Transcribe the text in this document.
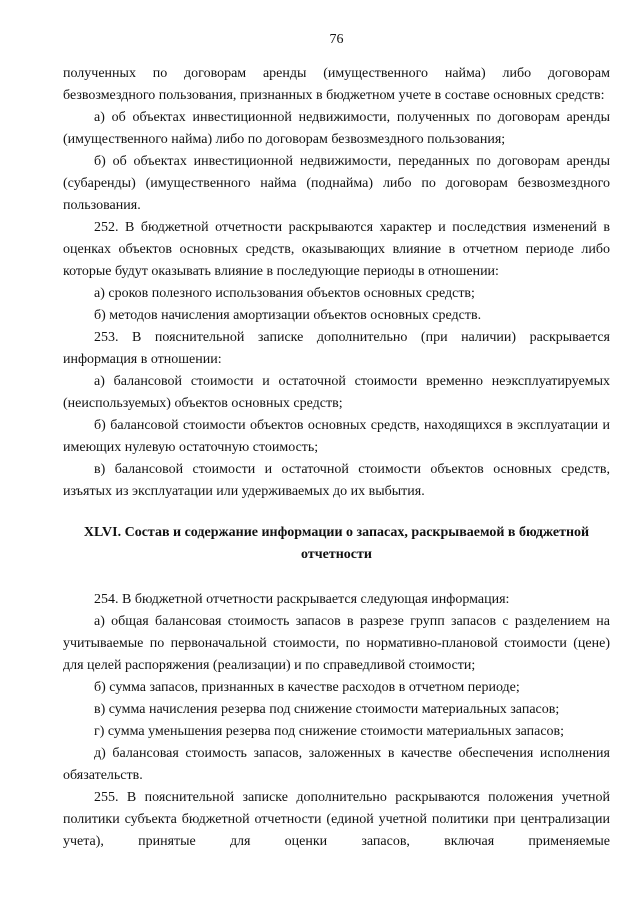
76

полученных по договорам аренды (имущественного найма) либо договорам безвозмездного пользования, признанных в бюджетном учете в составе основных средств:

а) об объектах инвестиционной недвижимости, полученных по договорам аренды (имущественного найма) либо по договорам безвозмездного пользования;

б) об объектах инвестиционной недвижимости, переданных по договорам аренды (субаренды) (имущественного найма (поднайма) либо по договорам безвозмездного пользования.

252. В бюджетной отчетности раскрываются характер и последствия изменений в оценках объектов основных средств, оказывающих влияние в отчетном периоде либо которые будут оказывать влияние в последующие периоды в отношении:

а) сроков полезного использования объектов основных средств;

б) методов начисления амортизации объектов основных средств.

253. В пояснительной записке дополнительно (при наличии) раскрывается информация в отношении:

а) балансовой стоимости и остаточной стоимости временно неэксплуатируемых (неиспользуемых) объектов основных средств;

б) балансовой стоимости объектов основных средств, находящихся в эксплуатации и имеющих нулевую остаточную стоимость;

в) балансовой стоимости и остаточной стоимости объектов основных средств, изъятых из эксплуатации или удерживаемых до их выбытия.

XLVI. Состав и содержание информации о запасах, раскрываемой в бюджетной отчетности

254. В бюджетной отчетности раскрывается следующая информация:

а) общая балансовая стоимость запасов в разрезе групп запасов с разделением на учитываемые по первоначальной стоимости, по нормативно-плановой стоимости (цене) для целей распоряжения (реализации) и по справедливой стоимости;

б) сумма запасов, признанных в качестве расходов в отчетном периоде;

в) сумма начисления резерва под снижение стоимости материальных запасов;

г) сумма уменьшения резерва под снижение стоимости материальных запасов;

д) балансовая стоимость запасов, заложенных в качестве обеспечения исполнения обязательств.

255. В пояснительной записке дополнительно раскрываются положения учетной политики субъекта бюджетной отчетности (единой учетной политики при централизации учета), принятые для оценки запасов, включая применяемые
